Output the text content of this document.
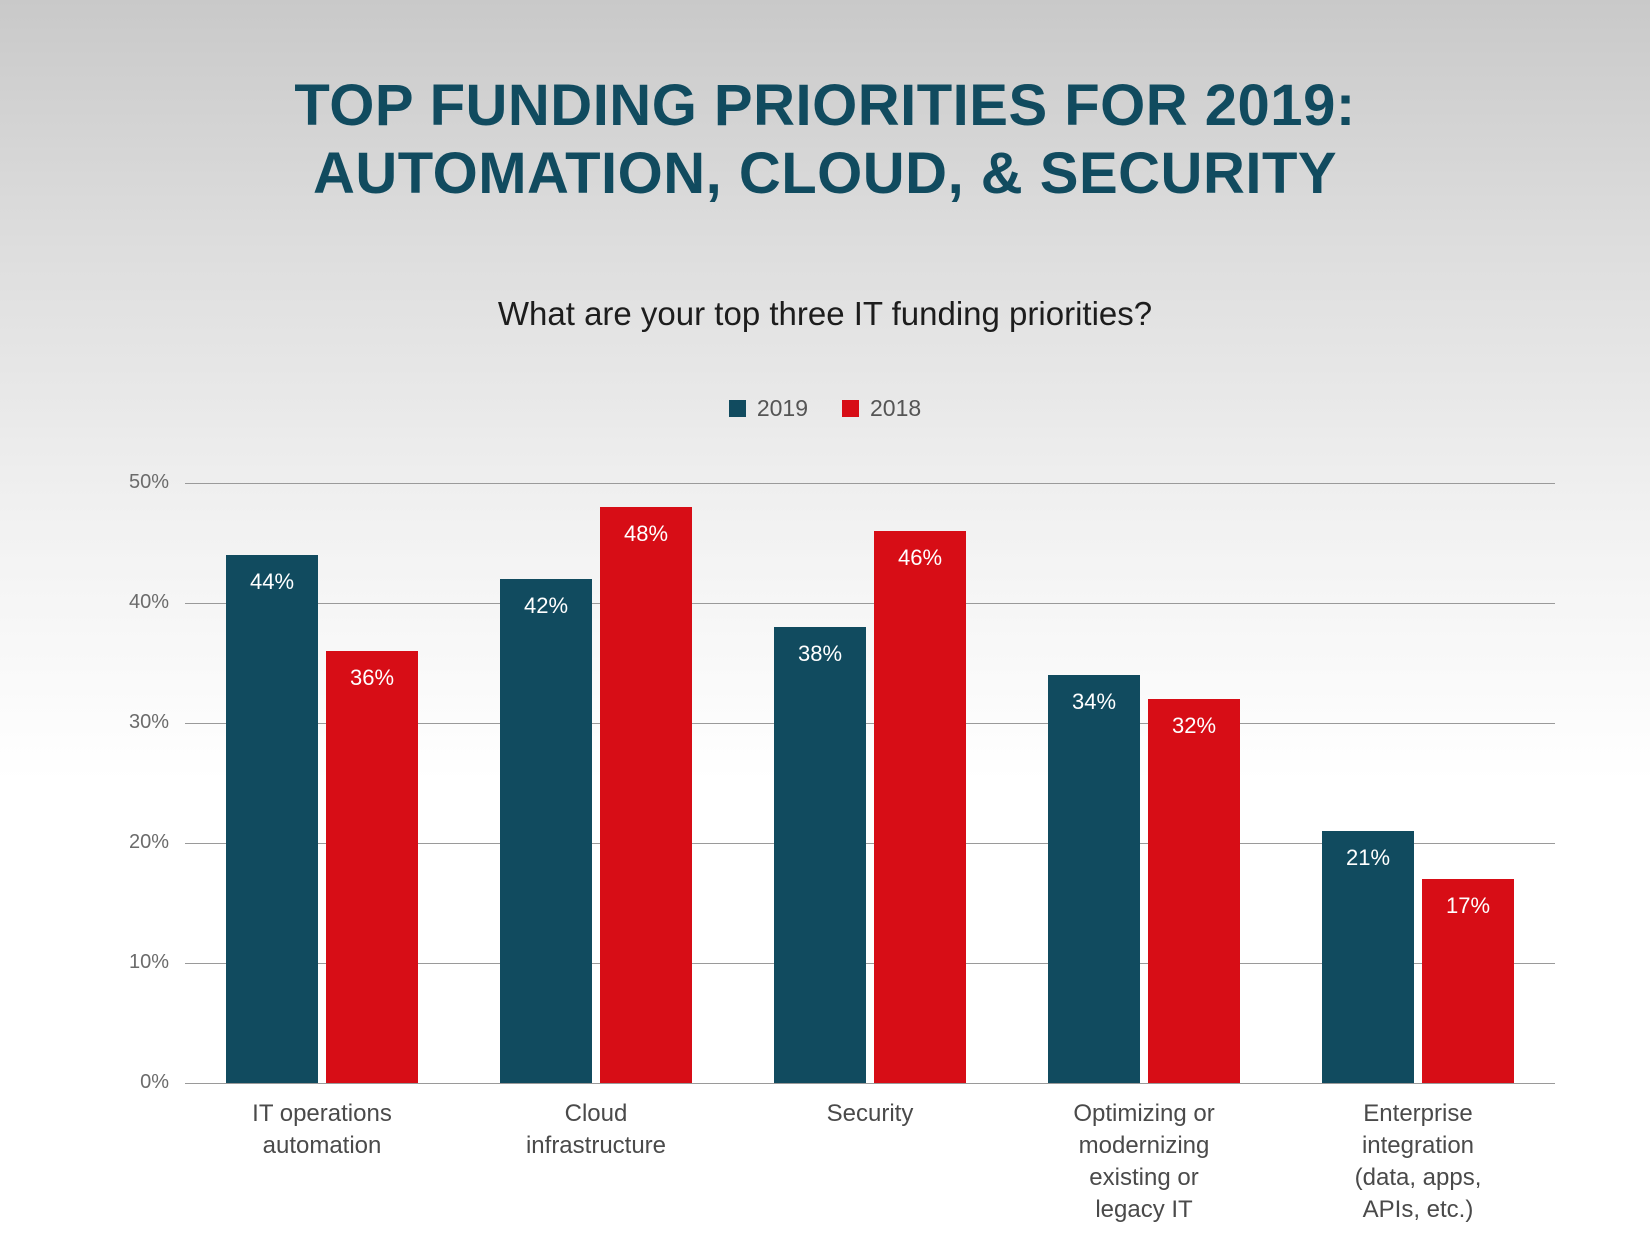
TOP FUNDING PRIORITIES FOR 2019:
AUTOMATION, CLOUD, & SECURITY
What are your top three IT funding priorities?
2019	2018
50%
40%
30%
20%
10%
0%
44%
36%
42%
48%
38%
46%
34%
32%
21%
17%
IT operations
automation
Cloud
infrastructure
Security	Optimizing or
modernizing
existing or
legacy IT
Enterprise
integration
(data, apps,
APIs, etc.)
